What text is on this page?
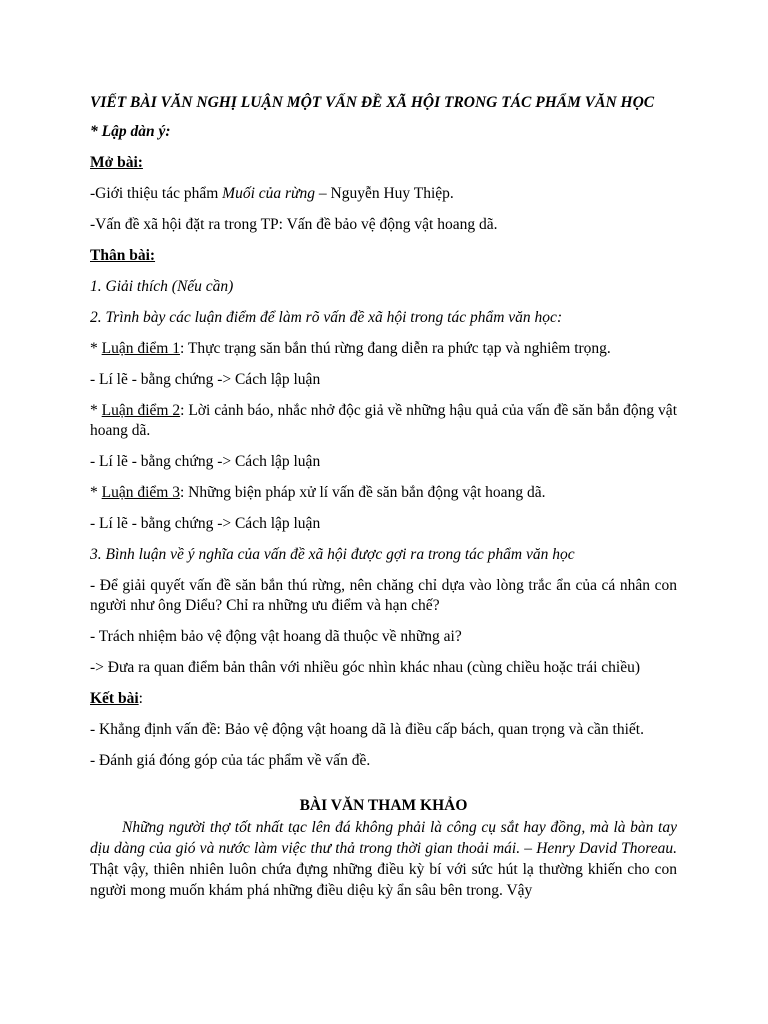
VIẾT BÀI VĂN NGHỊ LUẬN MỘT VẤN ĐỀ XÃ HỘI TRONG TÁC PHẨM VĂN HỌC

* Lập dàn ý:

Mở bài:

-Giới thiệu tác phẩm Muối của rừng – Nguyễn Huy Thiệp.

-Vấn đề xã hội đặt ra trong TP: Vấn đề bảo vệ động vật hoang dã.

Thân bài:

1. Giải thích (Nếu cần)

2. Trình bày các luận điểm để làm rõ vấn đề xã hội trong tác phẩm văn học:

* Luận điểm 1: Thực trạng săn bắn thú rừng đang diễn ra phức tạp và nghiêm trọng.

- Lí lẽ - bằng chứng -> Cách lập luận

* Luận điểm 2: Lời cảnh báo, nhắc nhở độc giả về những hậu quả của vấn đề săn bắn động vật hoang dã.

- Lí lẽ - bằng chứng -> Cách lập luận

* Luận điểm 3: Những biện pháp xử lí vấn đề săn bắn động vật hoang dã.

- Lí lẽ - bằng chứng -> Cách lập luận

3. Bình luận về ý nghĩa của vấn đề xã hội được gợi ra trong tác phẩm văn học

- Để giải quyết vấn đề săn bắn thú rừng, nên chăng chỉ dựa vào lòng trắc ẩn của cá nhân con người như ông Diểu? Chỉ ra những ưu điểm và hạn chế?

- Trách nhiệm bảo vệ động vật hoang dã thuộc về những ai?

-> Đưa ra quan điểm bản thân với nhiều góc nhìn khác nhau (cùng chiều hoặc trái chiều)

Kết bài:

- Khẳng định vấn đề: Bảo vệ động vật hoang dã là điều cấp bách, quan trọng và cần thiết.

- Đánh giá đóng góp của tác phẩm về vấn đề.

BÀI VĂN THAM KHẢO

Những người thợ tốt nhất tạc lên đá không phải là công cụ sắt hay đồng, mà là bàn tay dịu dàng của gió và nước làm việc thư thả trong thời gian thoải mái. – Henry David Thoreau. Thật vậy, thiên nhiên luôn chứa đựng những điều kỳ bí với sức hút lạ thường khiến cho con người mong muốn khám phá những điều diệu kỳ ẩn sâu bên trong. Vậy
